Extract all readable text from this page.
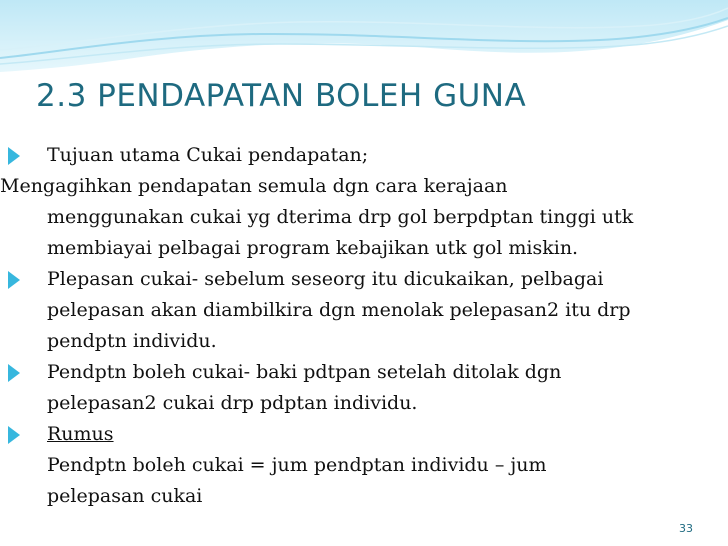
2.3 PENDAPATAN BOLEH GUNA
Tujuan utama Cukai pendapatan;
Mengagihkan pendapatan semula dgn cara kerajaan
menggunakan cukai yg dterima drp gol berpdptan tinggi utk
membiayai pelbagai program kebajikan utk gol miskin.
Plepasan cukai- sebelum seseorg itu dicukaikan, pelbagai
pelepasan akan diambilkira dgn menolak pelepasan2 itu drp
pendptn individu.
Pendptn boleh cukai- baki pdtpan setelah ditolak dgn
pelepasan2 cukai drp pdptan individu.
Rumus
Pendptn boleh cukai = jum pendptan individu – jum
pelepasan cukai
33
